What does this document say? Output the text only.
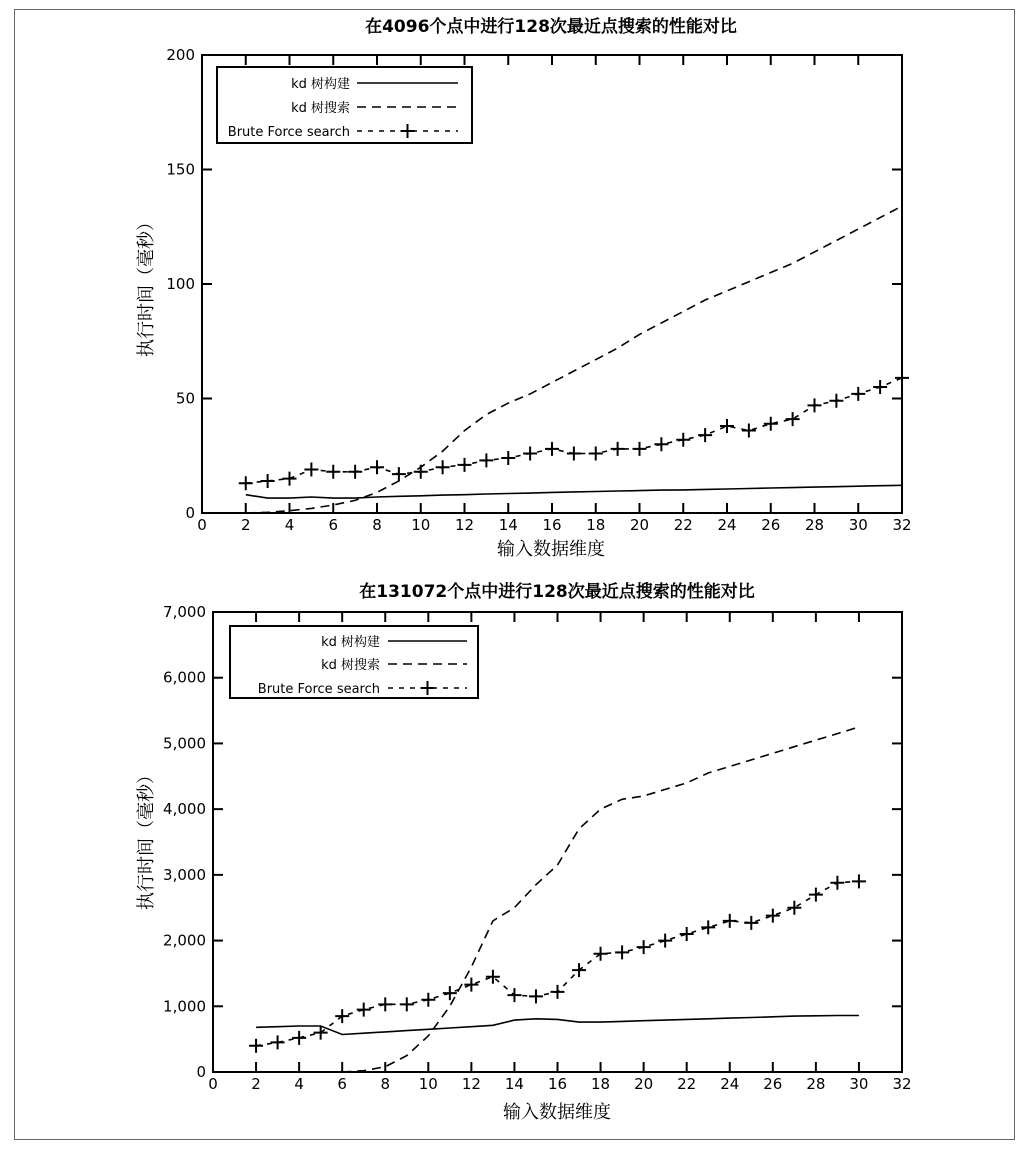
在4096个点中进行128次最近点搜索的性能对比
输入数据维度
执行时间（毫秒）
在131072个点中进行128次最近点搜索的性能对比
输入数据维度
执行时间（毫秒）
0 2 4 6 8 10 12 14 16 18 20 22 24 26 28 30 32
0
50
100
150
200
kd 树构建
kd 树搜索
Brute Force search
0 2 4 6 8 10 12 14 16 18 20 22 24 26 28 30 32
0
1,000
2,000
3,000
4,000
5,000
6,000
7,000
kd 树构建
kd 树搜索
Brute Force search
